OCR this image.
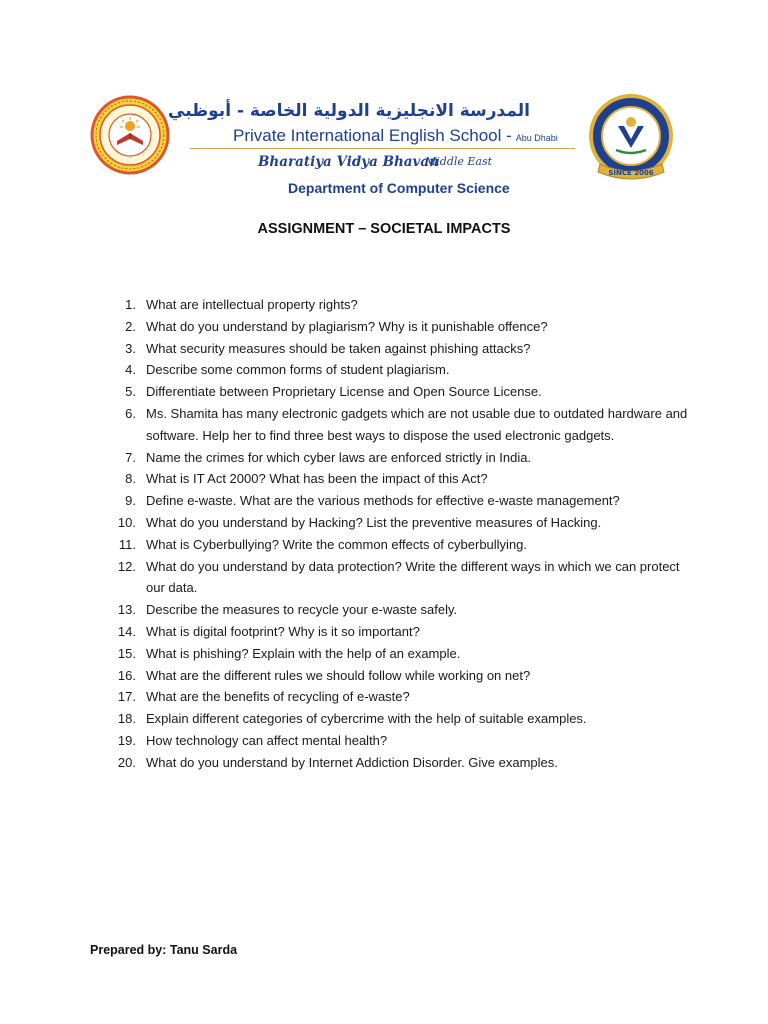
المدرسة الانجليزية الدولية الخاصة - أبوظبي
Private International English School - Abu Dhabi
Bharatiya Vidya Bhavan
Middle East
Department of Computer Science
SINCE 2006
ASSIGNMENT – SOCIETAL IMPACTS
1. What are intellectual property rights?
2. What do you understand by plagiarism? Why is it punishable offence?
3. What security measures should be taken against phishing attacks?
4. Describe some common forms of student plagiarism.
5. Differentiate between Proprietary License and Open Source License.
6. Ms. Shamita has many electronic gadgets which are not usable due to outdated hardware and software. Help her to find three best ways to dispose the used electronic gadgets.
7. Name the crimes for which cyber laws are enforced strictly in India.
8. What is IT Act 2000? What has been the impact of this Act?
9. Define e-waste. What are the various methods for effective e-waste management?
10. What do you understand by Hacking? List the preventive measures of Hacking.
11. What is Cyberbullying? Write the common effects of cyberbullying.
12. What do you understand by data protection? Write the different ways in which we can protect our data.
13. Describe the measures to recycle your e-waste safely.
14. What is digital footprint? Why is it so important?
15. What is phishing? Explain with the help of an example.
16. What are the different rules we should follow while working on net?
17. What are the benefits of recycling of e-waste?
18. Explain different categories of cybercrime with the help of suitable examples.
19. How technology can affect mental health?
20. What do you understand by Internet Addiction Disorder. Give examples.
Prepared by: Tanu Sarda
